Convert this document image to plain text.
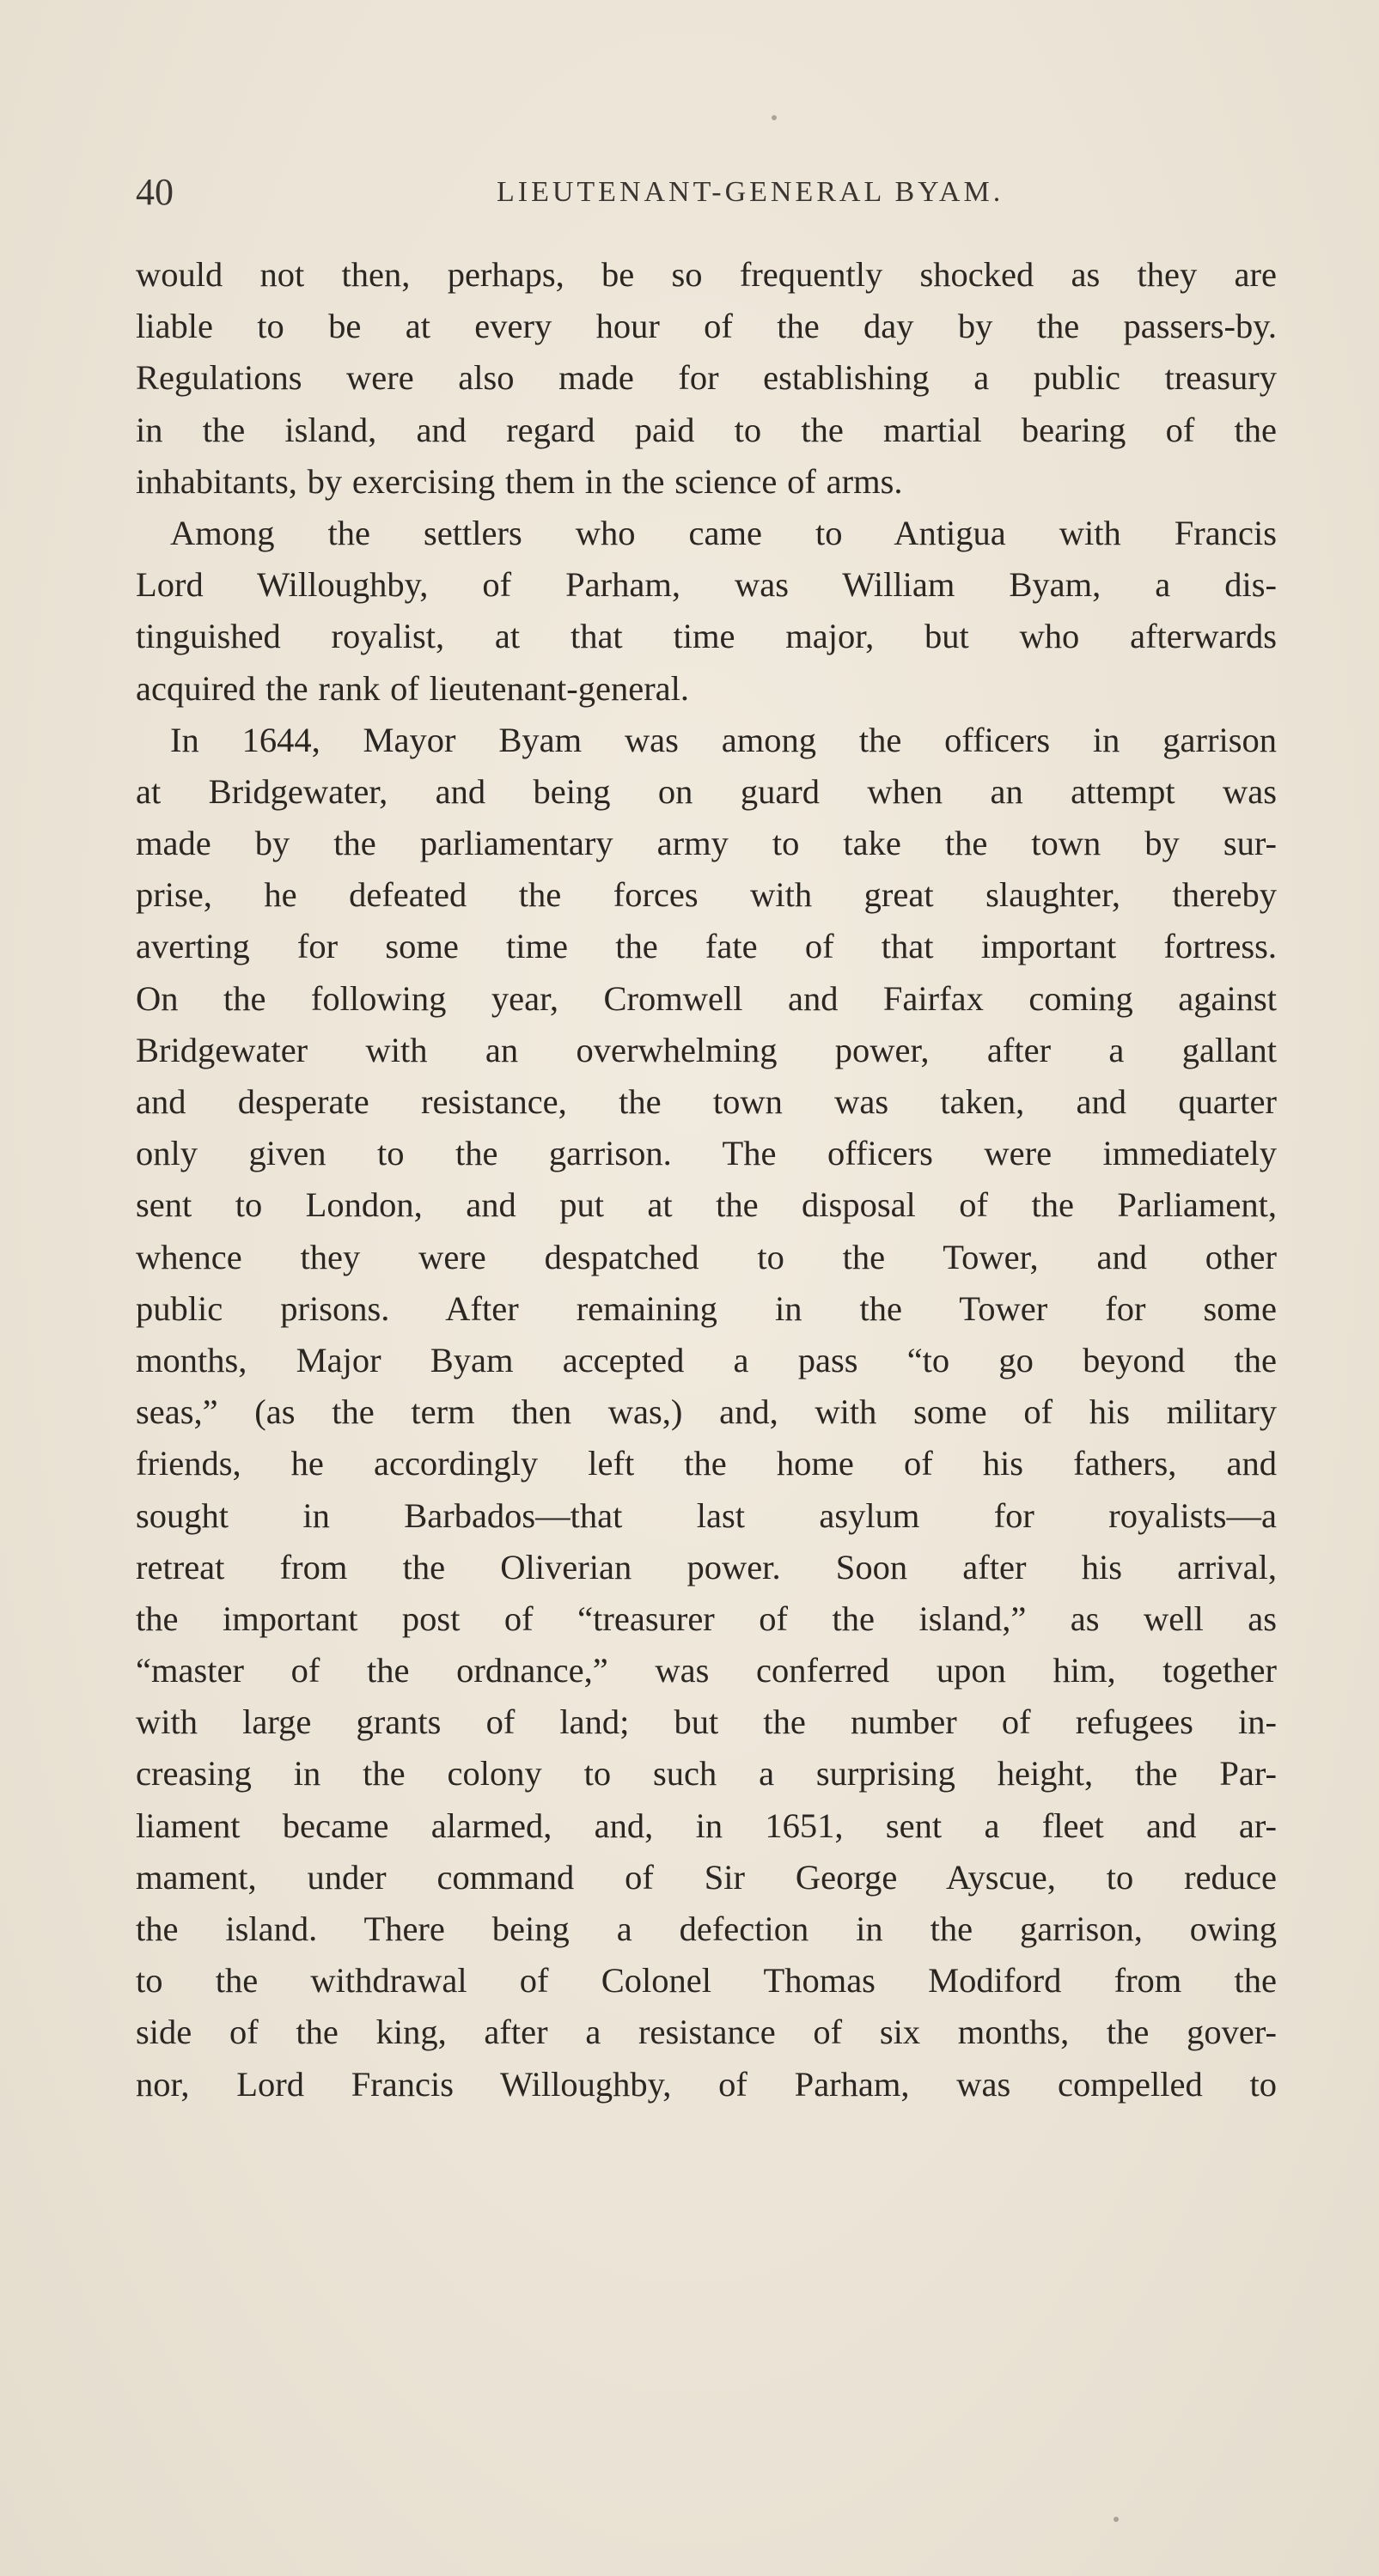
40	LIEUTENANT-GENERAL BYAM.
would not then, perhaps, be so frequently shocked as they are
liable to be at every hour of the day by the passers-by.
Regulations were also made for establishing a public treasury
in the island, and regard paid to the martial bearing of the
inhabitants, by exercising them in the science of arms.
Among the settlers who came to Antigua with Francis
Lord Willoughby, of Parham, was William Byam, a dis-
tinguished royalist, at that time major, but who afterwards
acquired the rank of lieutenant-general.
In 1644, Mayor Byam was among the officers in garrison
at Bridgewater, and being on guard when an attempt was
made by the parliamentary army to take the town by sur-
prise, he defeated the forces with great slaughter, thereby
averting for some time the fate of that important fortress.
On the following year, Cromwell and Fairfax coming against
Bridgewater with an overwhelming power, after a gallant
and desperate resistance, the town was taken, and quarter
only given to the garrison. The officers were immediately
sent to London, and put at the disposal of the Parliament,
whence they were despatched to the Tower, and other
public prisons. After remaining in the Tower for some
months, Major Byam accepted a pass “to go beyond the
seas,” (as the term then was,) and, with some of his military
friends, he accordingly left the home of his fathers, and
sought in Barbados—that last asylum for royalists—a
retreat from the Oliverian power. Soon after his arrival,
the important post of “treasurer of the island,” as well as
“master of the ordnance,” was conferred upon him, together
with large grants of land; but the number of refugees in-
creasing in the colony to such a surprising height, the Par-
liament became alarmed, and, in 1651, sent a fleet and ar-
mament, under command of Sir George Ayscue, to reduce
the island. There being a defection in the garrison, owing
to the withdrawal of Colonel Thomas Modiford from the
side of the king, after a resistance of six months, the gover-
nor, Lord Francis Willoughby, of Parham, was compelled to
